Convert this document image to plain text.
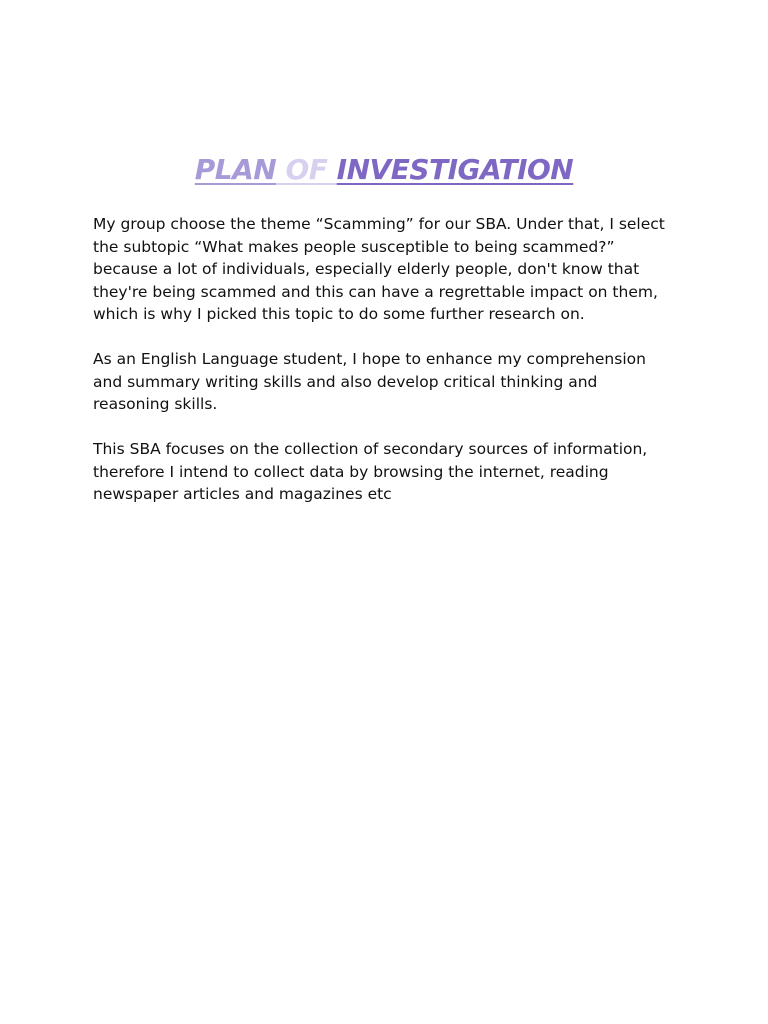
PLAN OF INVESTIGATION

My group choose the theme “Scamming” for our SBA. Under that, I select
the subtopic “What makes people susceptible to being scammed?”
because a lot of individuals, especially elderly people, don't know that
they're being scammed and this can have a regrettable impact on them,
which is why I picked this topic to do some further research on.

As an English Language student, I hope to enhance my comprehension
and summary writing skills and also develop critical thinking and
reasoning skills.

This SBA focuses on the collection of secondary sources of information,
therefore I intend to collect data by browsing the internet, reading
newspaper articles and magazines etc
